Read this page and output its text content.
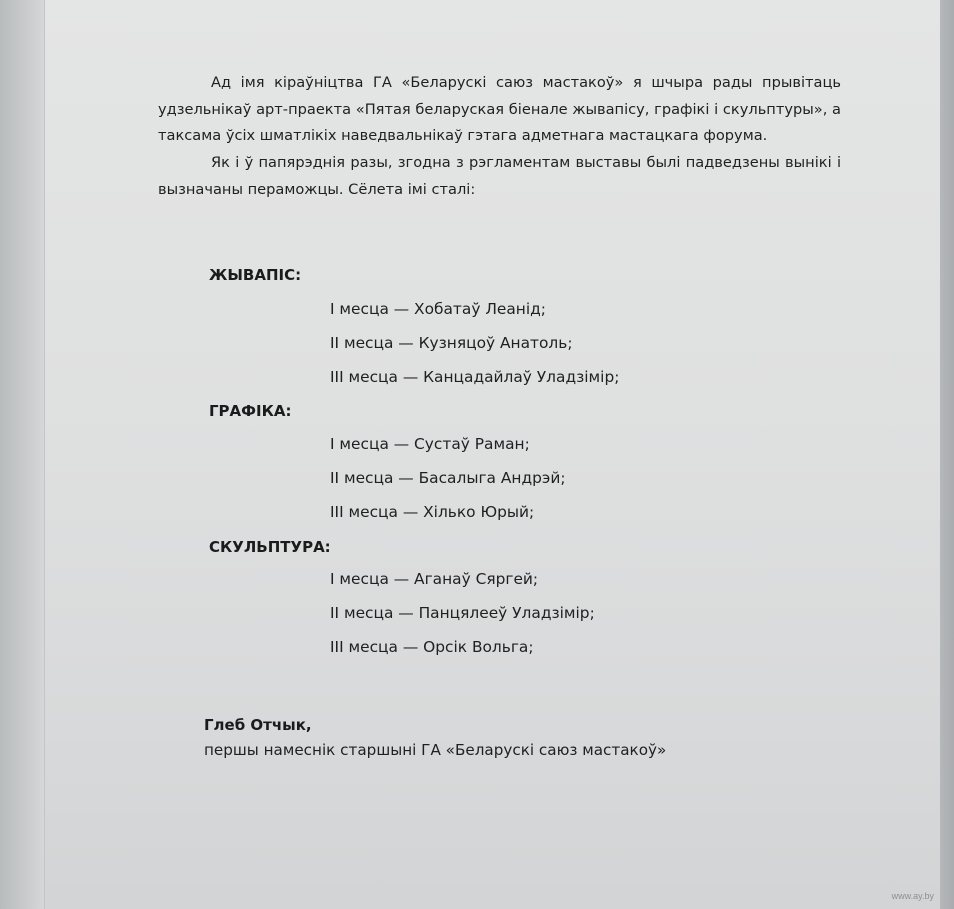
Ад імя кіраўніцтва ГА «Беларускі саюз мастакоў» я шчыра рады прывітаць удзельнікаў арт-праекта «Пятая беларуская біенале жывапісу, графікі і скульптуры», а таксама ўсіх шматлікіх наведвальнікаў гэтага адметнага мастацкага форума.

Як і ў папярэднія разы, згодна з рэгламентам выставы былі падведзены вынікі і вызначаны пераможцы. Сёлета імі сталі:

ЖЫВАПІС:

І месца — Хобатаў Леанід;

ІІ месца — Кузняцоў Анатоль;

ІІІ месца — Канцадайлаў Уладзімір;

ГРАФІКА:

І месца — Сустаў Раман;

ІІ месца — Басалыга Андрэй;

ІІІ месца — Хілько Юрый;

СКУЛЬПТУРА:

І месца — Аганаў Сяргей;

ІІ месца — Панцялееў Уладзімір;

ІІІ месца — Орсік Вольга;

Глеб Отчык,

першы намеснік старшыні ГА «Беларускі саюз мастакоў»

www.ay.by
